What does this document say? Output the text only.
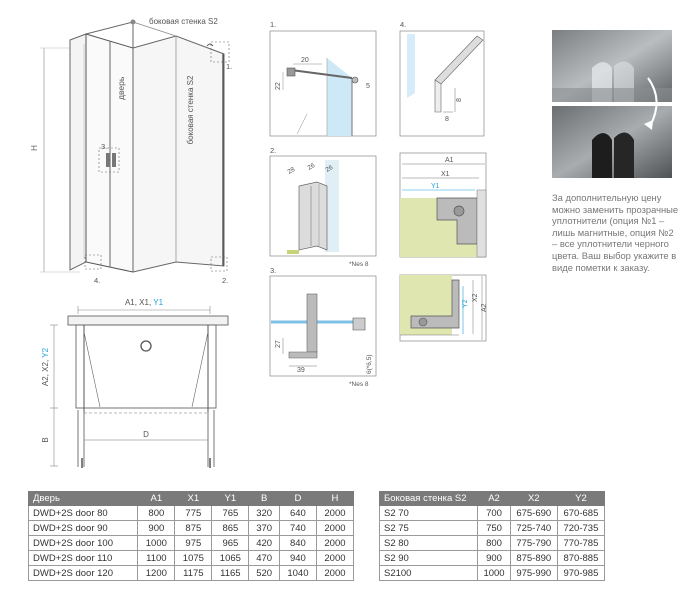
H
боковая стенка S2
дверь	боковая стенка S2
1.
2.
3.
4.
A1, X1, Y1
A2, X2, Y2
B
D
1.
20
22	5
4.
8
8
2.
28 26 26
*Nes 8
3.
27
39	6(*6,5)
*Nes 8
A1
X1
Y1
Y2
X2
A2
За дополнительную цену можно заменить прозрачные уплотнители (опция №1 – лишь магнитные, опция №2 – все уплотнители черного цвета. Ваш выбор укажите в виде пометки к заказу.
Дверь	A1	X1	Y1	B	D	H
DWD+2S door 80	800	775	765	320	640	2000
DWD+2S door 90	900	875	865	370	740	2000
DWD+2S door 100	1000	975	965	420	840	2000
DWD+2S door 110	1100	1075	1065	470	940	2000
DWD+2S door 120	1200	1175	1165	520	1040	2000
Боковая стенка S2	A2	X2	Y2
S2 70	700	675-690	670-685
S2 75	750	725-740	720-735
S2 80	800	775-790	770-785
S2 90	900	875-890	870-885
S2100	1000	975-990	970-985
